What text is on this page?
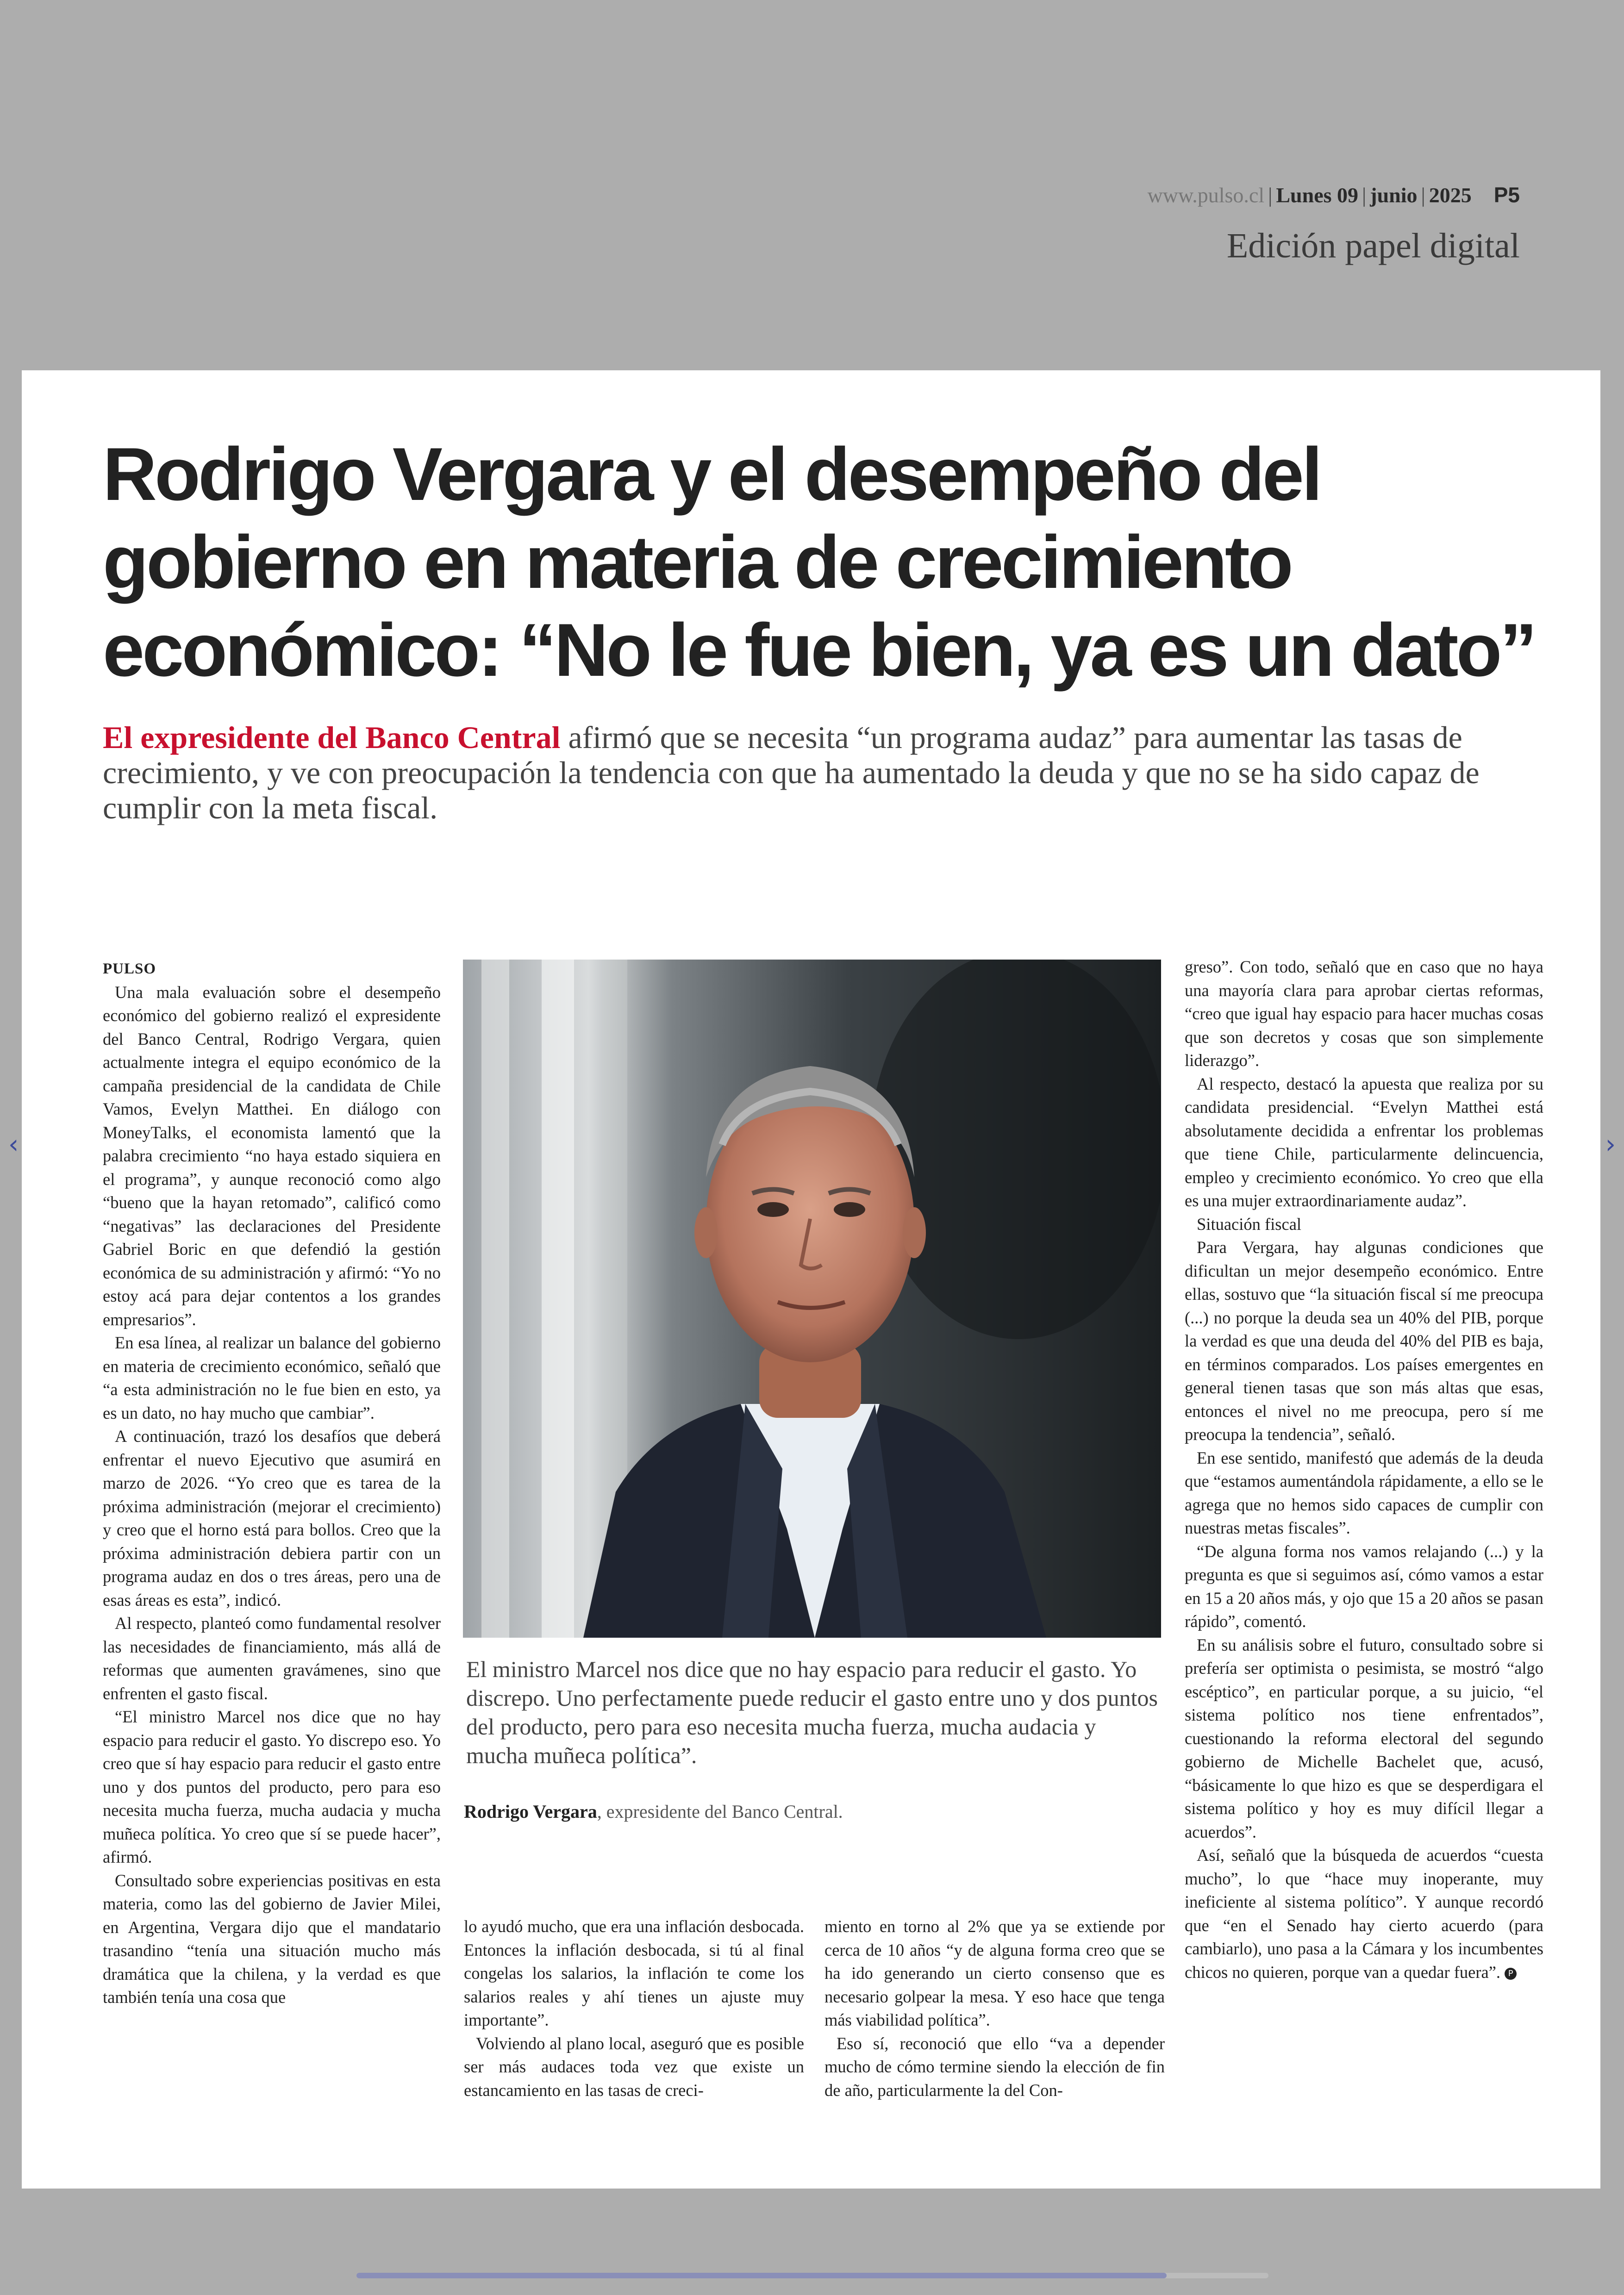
www.pulso.cl | Lunes 09 | junio | 2025 P5
Edición papel digital
‹	›
Rodrigo Vergara y el desempeño del
gobierno en materia de crecimiento
económico: “No le fue bien, ya es un dato”

El expresidente del Banco Central afirmó que se necesita “un programa audaz” para aumentar las tasas de crecimiento, y ve con preocupación la tendencia con que ha aumentado la deuda y que no se ha sido capaz de cumplir con la meta fiscal.

PULSO

Una mala evaluación sobre el desempeño económico del gobierno realizó el expresidente del Banco Central, Rodrigo Vergara, quien actualmente integra el equipo económico de la campaña presidencial de la candidata de Chile Vamos, Evelyn Matthei. En diálogo con MoneyTalks, el economista lamentó que la palabra crecimiento “no haya estado siquiera en el programa”, y aunque reconoció como algo “bueno que la hayan retomado”, calificó como “negativas” las declaraciones del Presidente Gabriel Boric en que defendió la gestión económica de su administración y afirmó: “Yo no estoy acá para dejar contentos a los grandes empresarios”.

En esa línea, al realizar un balance del gobierno en materia de crecimiento económico, señaló que “a esta administración no le fue bien en esto, ya es un dato, no hay mucho que cambiar”.

A continuación, trazó los desafíos que deberá enfrentar el nuevo Ejecutivo que asumirá en marzo de 2026. “Yo creo que es tarea de la próxima administración (mejorar el crecimiento) y creo que el horno está para bollos. Creo que la próxima administración debiera partir con un programa audaz en dos o tres áreas, pero una de esas áreas es esta”, indicó.

Al respecto, planteó como fundamental resolver las necesidades de financiamiento, más allá de reformas que aumenten gravámenes, sino que enfrenten el gasto fiscal.

“El ministro Marcel nos dice que no hay espacio para reducir el gasto. Yo discrepo eso. Yo creo que sí hay espacio para reducir el gasto entre uno y dos puntos del producto, pero para eso necesita mucha fuerza, mucha audacia y mucha muñeca política. Yo creo que sí se puede hacer”, afirmó.

Consultado sobre experiencias positivas en esta materia, como las del gobierno de Javier Milei, en Argentina, Vergara dijo que el mandatario trasandino “tenía una situación mucho más dramática que la chilena, y la verdad es que también tenía una cosa que

El ministro Marcel nos dice que no hay espacio para reducir el gasto. Yo discrepo. Uno perfectamente puede reducir el gasto entre uno y dos puntos del producto, pero para eso necesita mucha fuerza, mucha audacia y mucha muñeca política”.

Rodrigo Vergara, expresidente del Banco Central.

lo ayudó mucho, que era una inflación desbocada. Entonces la inflación desbocada, si tú al final congelas los salarios, la inflación te come los salarios reales y ahí tienes un ajuste muy importante”.

Volviendo al plano local, aseguró que es posible ser más audaces toda vez que existe un estancamiento en las tasas de creci-

miento en torno al 2% que ya se extiende por cerca de 10 años “y de alguna forma creo que se ha ido generando un cierto consenso que es necesario golpear la mesa. Y eso hace que tenga más viabilidad política”.

Eso sí, reconoció que ello “va a depender mucho de cómo termine siendo la elección de fin de año, particularmente la del Con-

greso”. Con todo, señaló que en caso que no haya una mayoría clara para aprobar ciertas reformas, “creo que igual hay espacio para hacer muchas cosas que son decretos y cosas que son simplemente liderazgo”.

Al respecto, destacó la apuesta que realiza por su candidata presidencial. “Evelyn Matthei está absolutamente decidida a enfrentar los problemas que tiene Chile, particularmente delincuencia, empleo y crecimiento económico. Yo creo que ella es una mujer extraordinariamente audaz”.

Situación fiscal

Para Vergara, hay algunas condiciones que dificultan un mejor desempeño económico. Entre ellas, sostuvo que “la situación fiscal sí me preocupa (...) no porque la deuda sea un 40% del PIB, porque la verdad es que una deuda del 40% del PIB es baja, en términos comparados. Los países emergentes en general tienen tasas que son más altas que esas, entonces el nivel no me preocupa, pero sí me preocupa la tendencia”, señaló.

En ese sentido, manifestó que además de la deuda que “estamos aumentándola rápidamente, a ello se le agrega que no hemos sido capaces de cumplir con nuestras metas fiscales”.

“De alguna forma nos vamos relajando (...) y la pregunta es que si seguimos así, cómo vamos a estar en 15 a 20 años más, y ojo que 15 a 20 años se pasan rápido”, comentó.

En su análisis sobre el futuro, consultado sobre si prefería ser optimista o pesimista, se mostró “algo escéptico”, en particular porque, a su juicio, “el sistema político nos tiene enfrentados”, cuestionando la reforma electoral del segundo gobierno de Michelle Bachelet que, acusó, “básicamente lo que hizo es que se desperdigara el sistema político y hoy es muy difícil llegar a acuerdos”.

Así, señaló que la búsqueda de acuerdos “cuesta mucho”, lo que “hace muy inoperante, muy ineficiente al sistema político”. Y aunque recordó que “en el Senado hay cierto acuerdo (para cambiarlo), uno pasa a la Cámara y los incumbentes chicos no quieren, porque van a quedar fuera”. P
